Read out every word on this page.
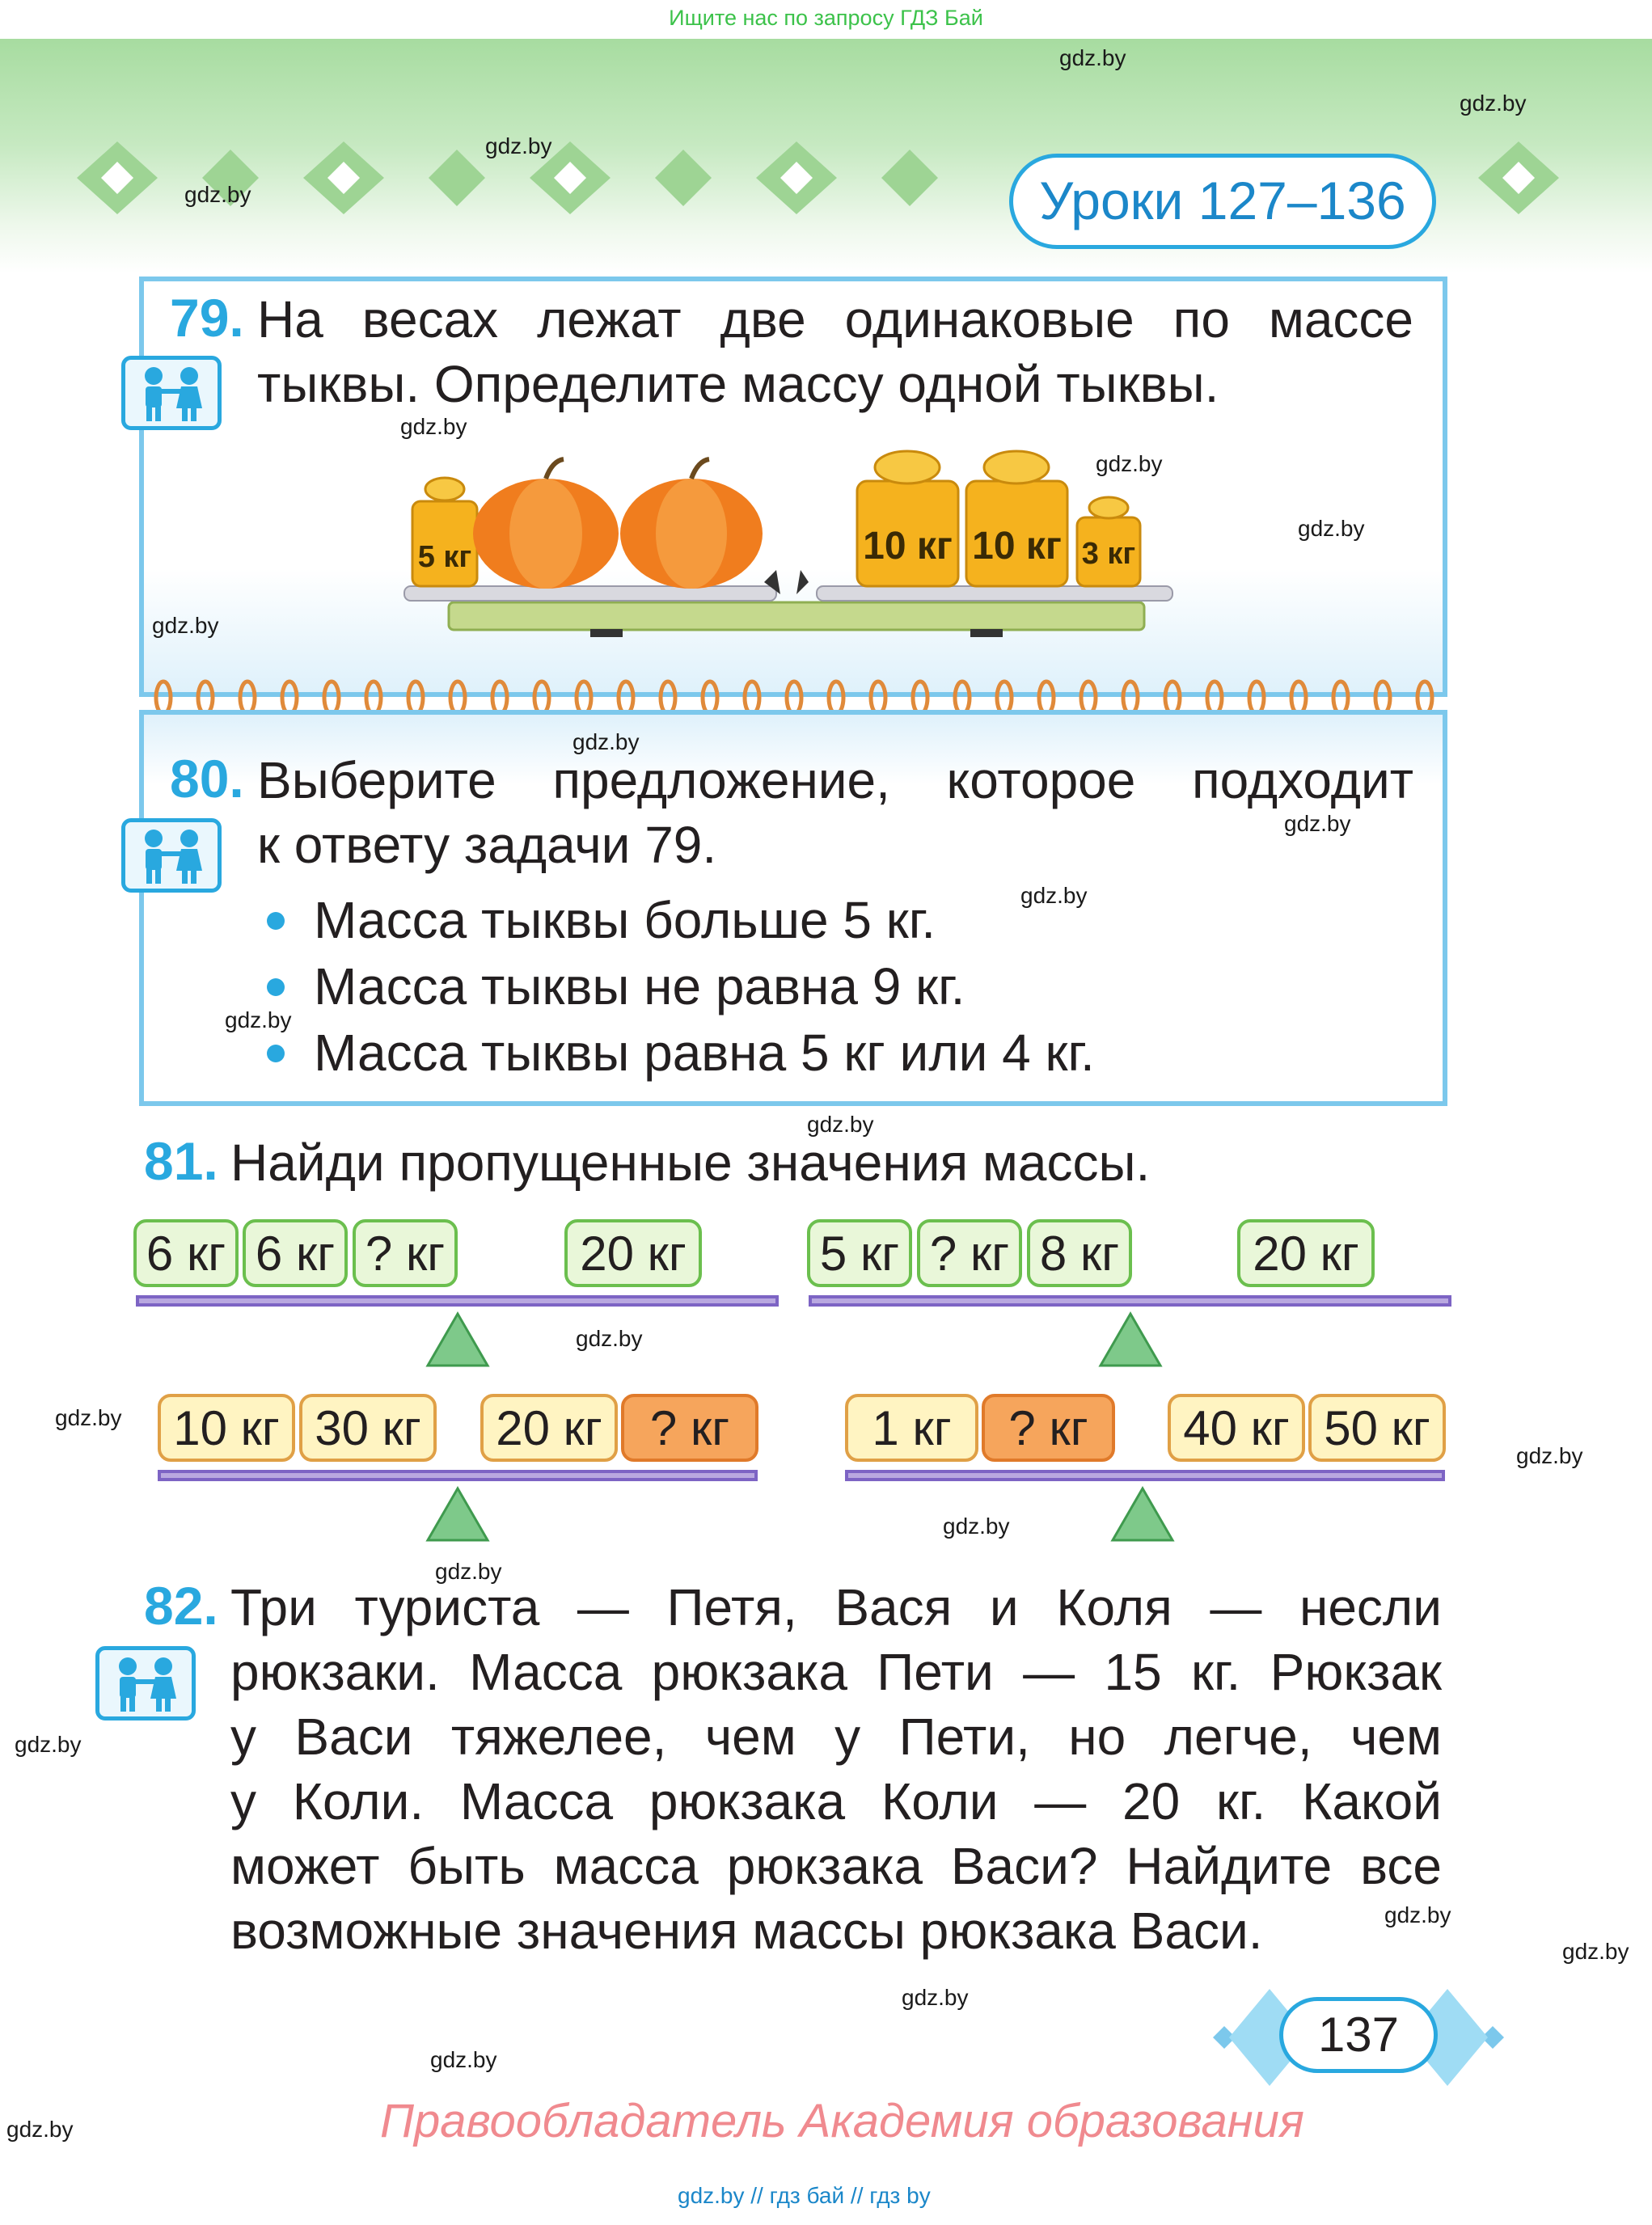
Ищите нас по запросу ГДЗ Бай
Уроки 127–136
gdz.by
gdz.by
gdz.by
gdz.by
79. На весах лежат две одинаковые по массе
тыквы. Определите массу одной тыквы.
gdz.by
gdz.by
gdz.by
gdz.by
5 кг	10 кг 10 кг 3 кг
gdz.by
80. Выберите предложение, которое подходит
к ответу задачи 79.	gdz.by
gdz.by
Масса тыквы больше 5 кг.
Масса тыквы не равна 9 кг.
gdz.by
Масса тыквы равна 5 кг или 4 кг.
gdz.by
81. Найди пропущенные значения массы.
6 кг 6 кг ? кг	20 кг	5 кг ? кг 8 кг	20 кг
gdz.by
gdz.by	10 кг 30 кг	20 кг ? кг	1 кг	? кг	40 кг 50 кг
gdz.by
gdz.by
gdz.by
82. Три туриста — Петя, Вася и Коля — несли
рюкзаки. Масса рюкзака Пети — 15 кг. Рюкзак
у Васи тяжелее, чем у Пети, но легче, чем
у Коли. Масса рюкзака Коли — 20 кг. Какой
может быть масса рюкзака Васи? Найдите все
возможные значения массы рюкзака Васи.
gdz.by
gdz.by
gdz.by
gdz.by
gdz.by
gdz.by
137
Правообладатель Академия образования
gdz.by // гдз бай // гдз by
